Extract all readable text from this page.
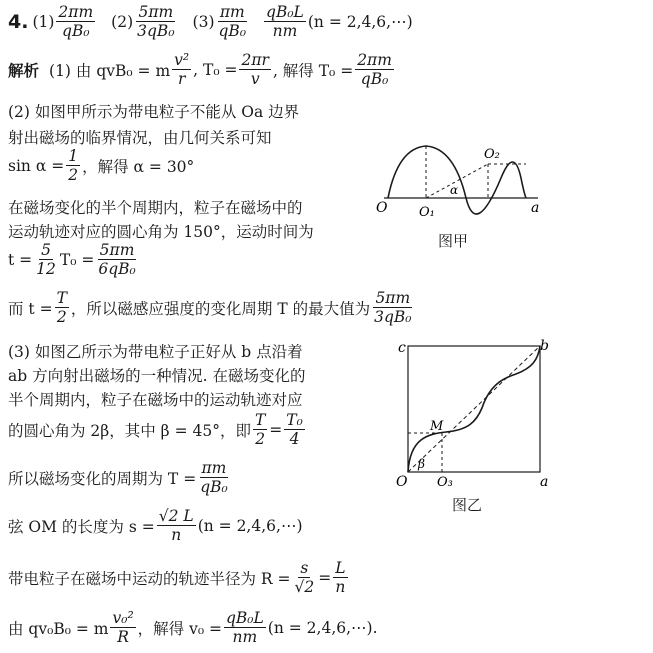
4. $(1) \frac{2\pi m}{\text{qB₀}} (2) \frac{5\pi m}{\text{3qB₀}} (3) \frac{\pi m}{\text{qB₀}} \frac{\text{qB₀L}}{nm} (n$ = 2,4,6,⋯)
解析 (1) 由 qvB₀ = m $\frac{\text{v²}}{r}$ , $T_0 = \frac{2\pi r}{v}$ , 解得 $T_0 = \frac{2\pi m}{\text{qB₀}}$
(2) 如图甲所示为带电粒子不能从 Oa 边界
射出磁场的临界情况，由几何关系可知
$\sin \alpha = \frac{1}{2}$ ，解得 α = 30°
在磁场变化的半个周期内，粒子在磁场中的
运动轨迹对应的圆心角为 150°，运动时间为
$t = \frac{5}{12} T_0 = \frac{5\pi m}{\text{6qB₀}}$
而 $t = \frac{T}{2}$ ，所以磁感应强度的变化周期 T 的最大值为 $\frac{5\pi m}{\text{3qB₀}}$
(3) 如图乙所示为带电粒子正好从 b 点沿着
ab 方向射出磁场的一种情况. 在磁场变化的
半个周期内，粒子在磁场中的运动轨迹对应
的圆心角为 2β，其中 β = 45°，即 $\frac{T}{2} = \frac{\text{T₀}}{4}$
所以磁场变化的周期为 $T = \frac{\pi m}{\text{qB₀}}$
弦 OM 的长度为 $s = \frac{√2 L}{n} (n$ = 2,4,6,⋯)
带电粒子在磁场中运动的轨迹半径为 $R = \frac{s}{√2} = \frac{L}{n}$
由 qv₀B₀ = m $\frac{\text{v₀²}}{R}$ ，解得 $v_0 = \frac{\text{qB₀L}}{nm} (n$ = 2,4,6,⋯).
O O₁
O₂
a
α
图甲
c	b
M
O O₃	a
β
图乙
